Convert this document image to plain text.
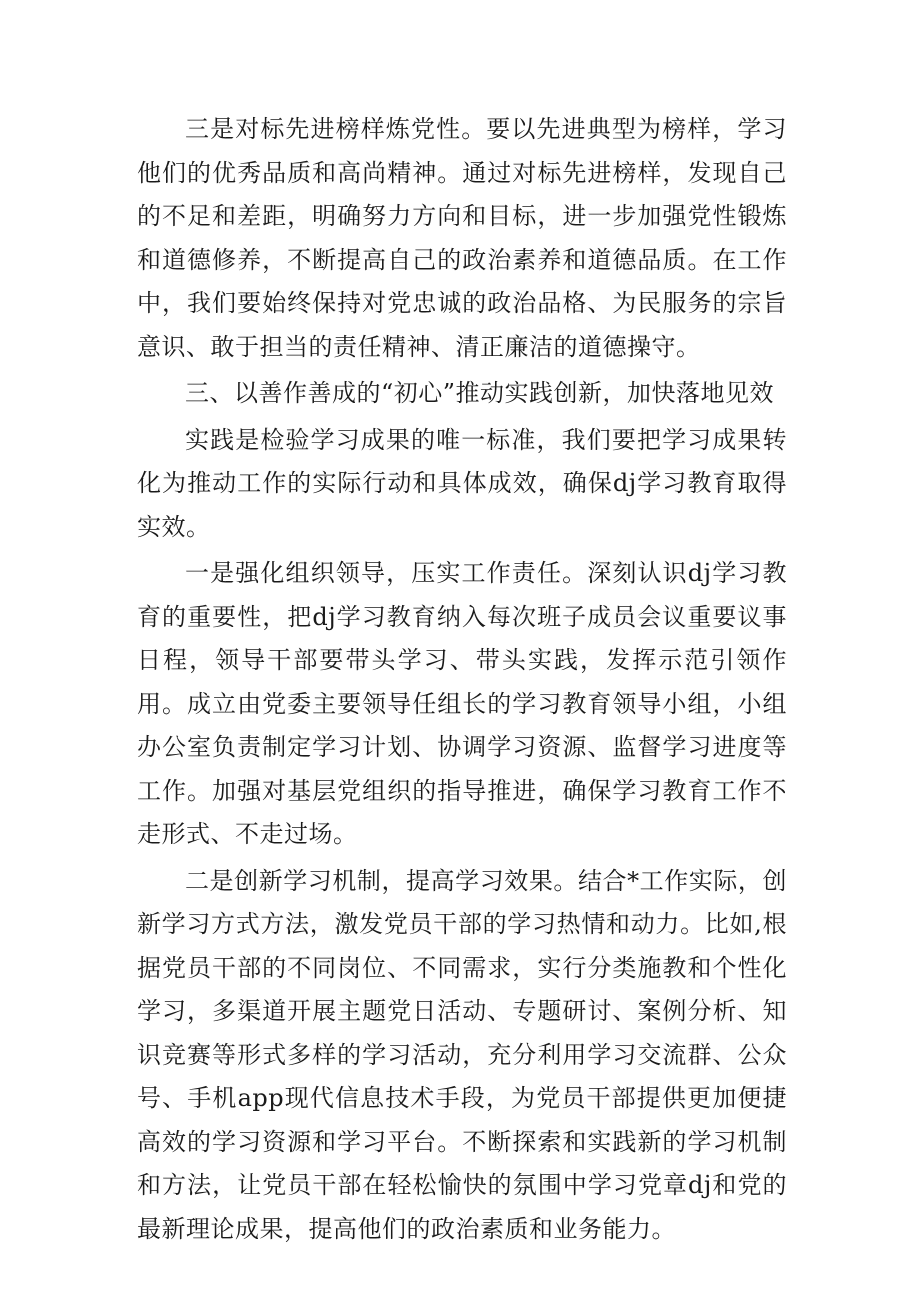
三是对标先进榜样炼党性。要以先进典型为榜样，学习他们的优秀品质和高尚精神。通过对标先进榜样，发现自己的不足和差距，明确努力方向和目标，进一步加强党性锻炼和道德修养，不断提高自己的政治素养和道德品质。在工作中，我们要始终保持对党忠诚的政治品格、为民服务的宗旨意识、敢于担当的责任精神、清正廉洁的道德操守。

三、以善作善成的“初心”推动实践创新，加快落地见效

实践是检验学习成果的唯一标准，我们要把学习成果转化为推动工作的实际行动和具体成效，确保dj学习教育取得实效。

一是强化组织领导，压实工作责任。深刻认识dj学习教育的重要性，把dj学习教育纳入每次班子成员会议重要议事日程，领导干部要带头学习、带头实践，发挥示范引领作用。成立由党委主要领导任组长的学习教育领导小组，小组办公室负责制定学习计划、协调学习资源、监督学习进度等工作。加强对基层党组织的指导推进，确保学习教育工作不走形式、不走过场。

二是创新学习机制，提高学习效果。结合*工作实际，创新学习方式方法，激发党员干部的学习热情和动力。比如,根据党员干部的不同岗位、不同需求，实行分类施教和个性化学习，多渠道开展主题党日活动、专题研讨、案例分析、知识竞赛等形式多样的学习活动，充分利用学习交流群、公众号、手机app现代信息技术手段，为党员干部提供更加便捷高效的学习资源和学习平台。不断探索和实践新的学习机制和方法，让党员干部在轻松愉快的氛围中学习党章dj和党的最新理论成果，提高他们的政治素质和业务能力。
